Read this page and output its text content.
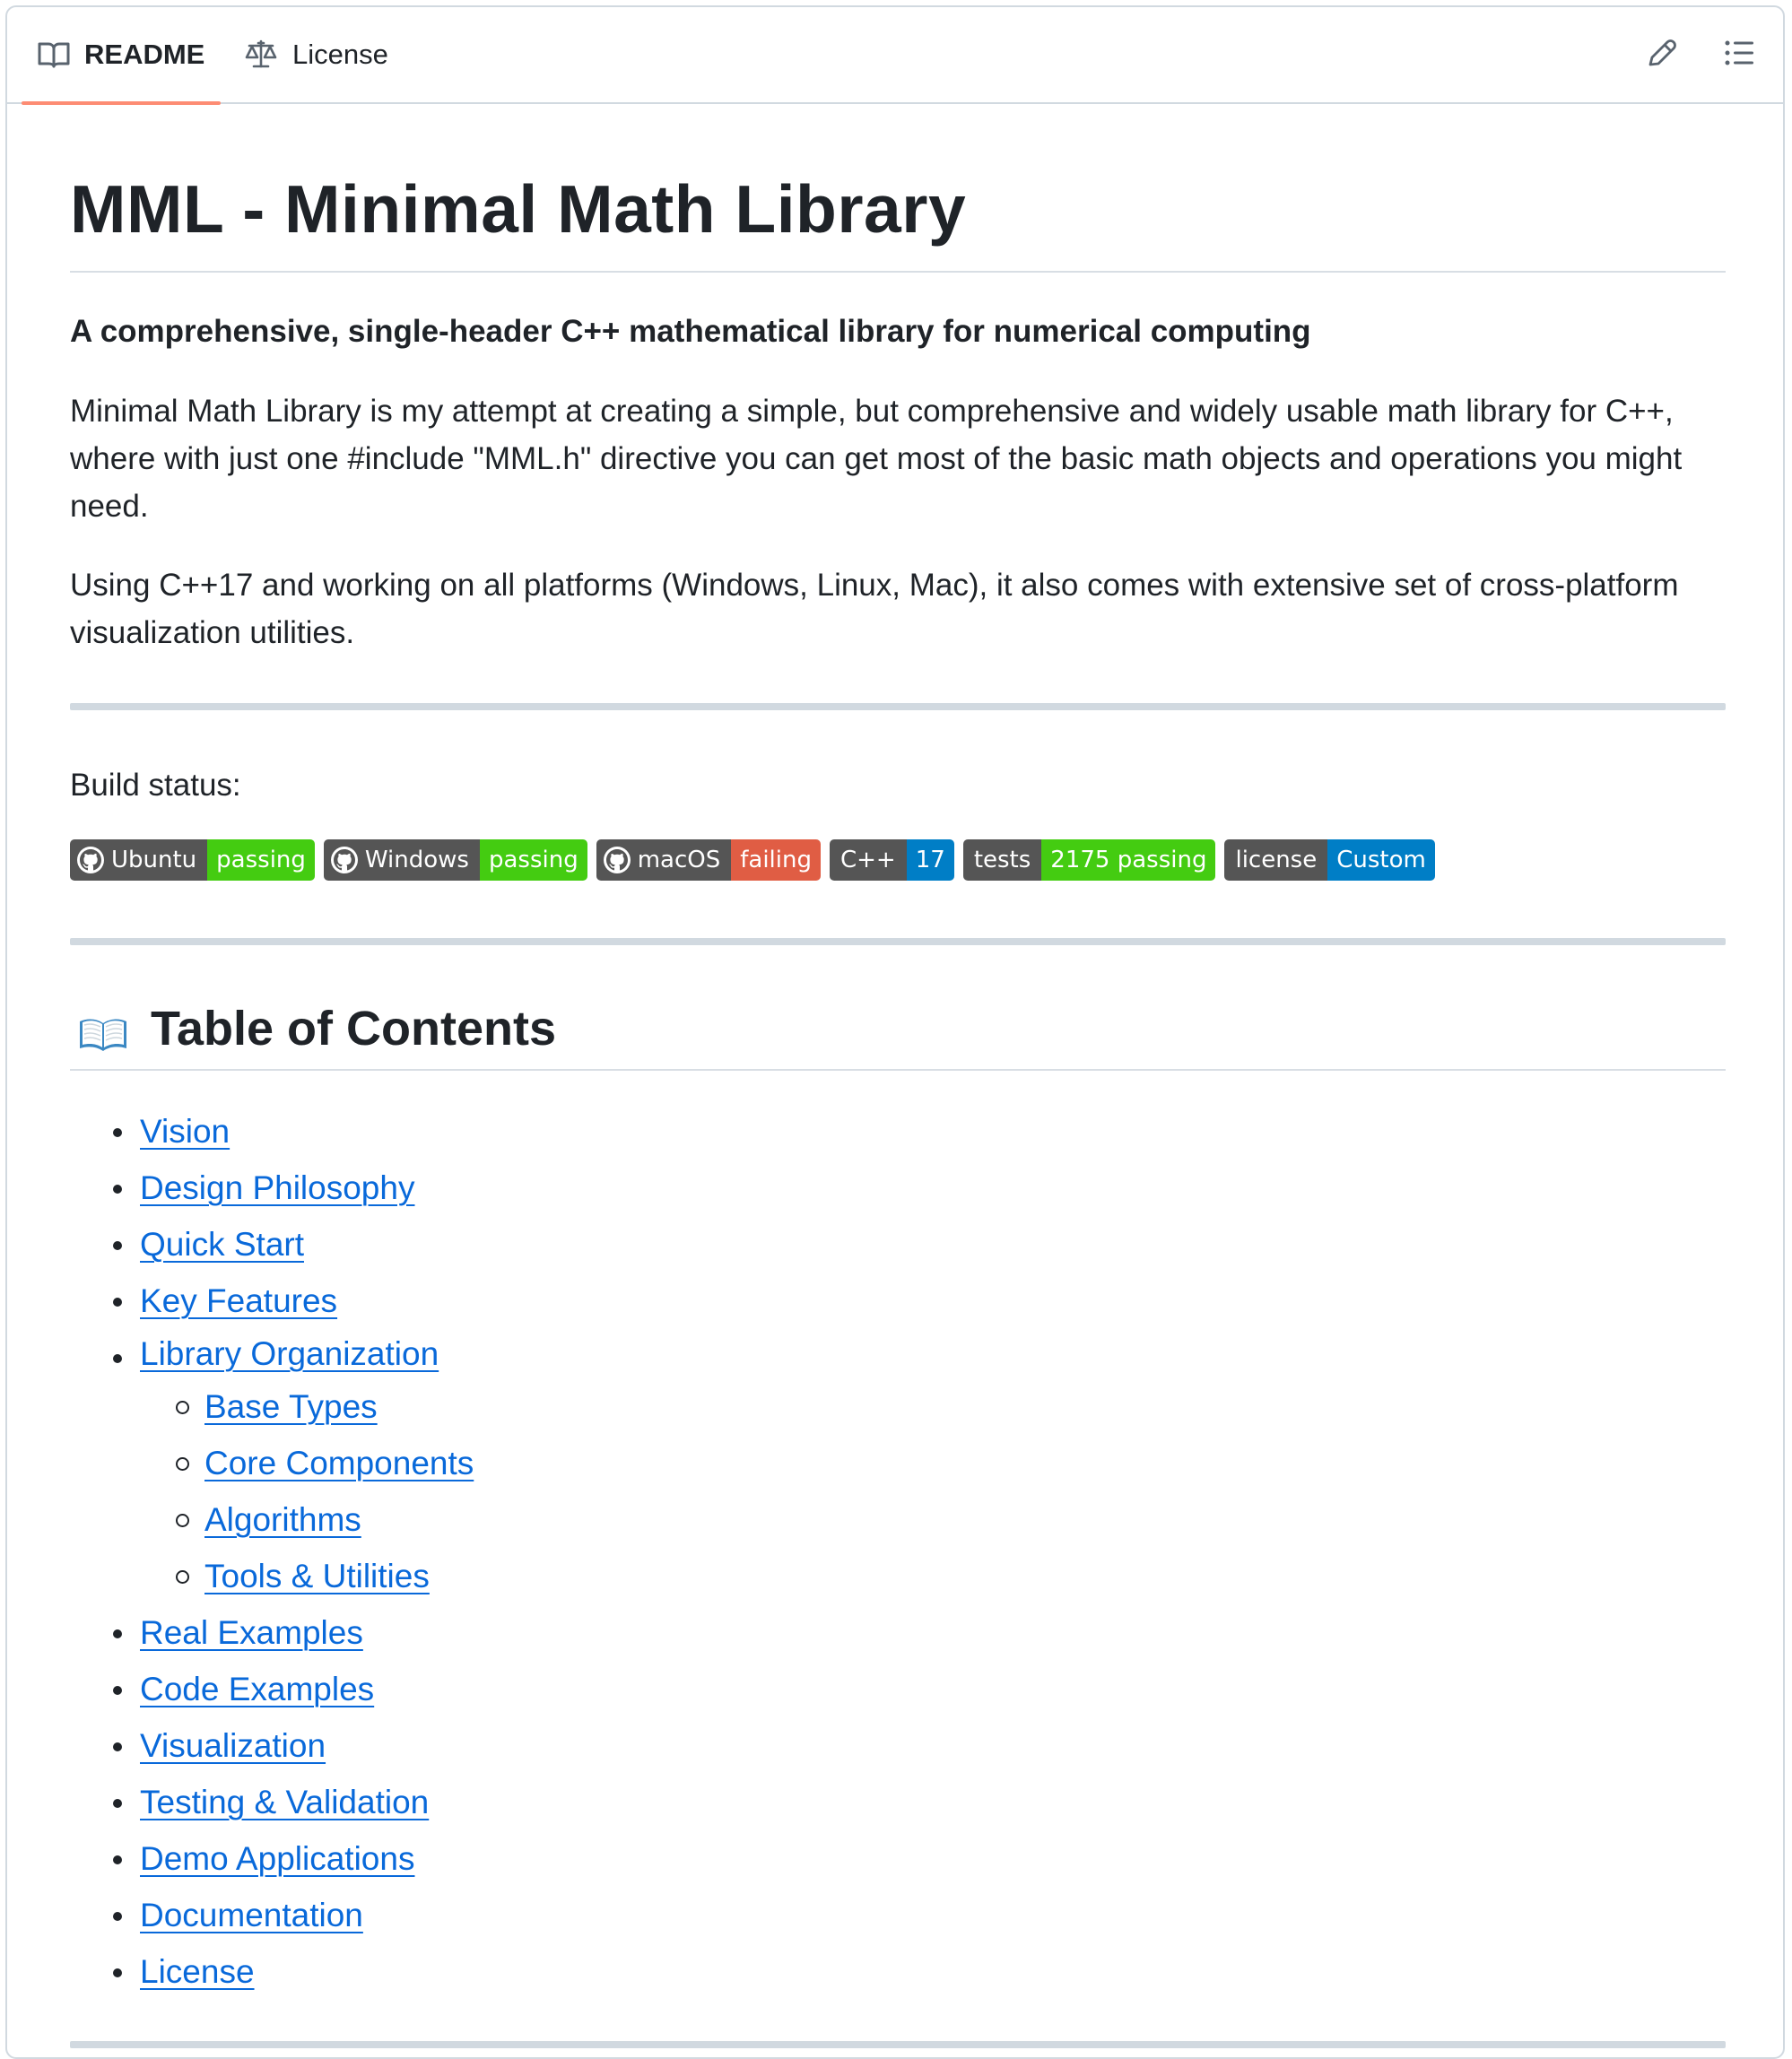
README	License
MML - Minimal Math Library
A comprehensive, single-header C++ mathematical library for numerical computing

Minimal Math Library is my attempt at creating a simple, but comprehensive and widely usable math library for C++, where with just one #include "MML.h" directive you can get most of the basic math objects and operations you might need.

Using C++17 and working on all platforms (Windows, Linux, Mac), it also comes with extensive set of cross-platform visualization utilities.

Build status:
Ubuntu passing	Windows passing	macOS failing	C++ 17	tests 2175 passing	license Custom
Table of Contents
Vision
Design Philosophy
Quick Start
Key Features
Library Organization
Base Types
Core Components
Algorithms
Tools & Utilities
Real Examples
Code Examples
Visualization
Testing & Validation
Demo Applications
Documentation
License
